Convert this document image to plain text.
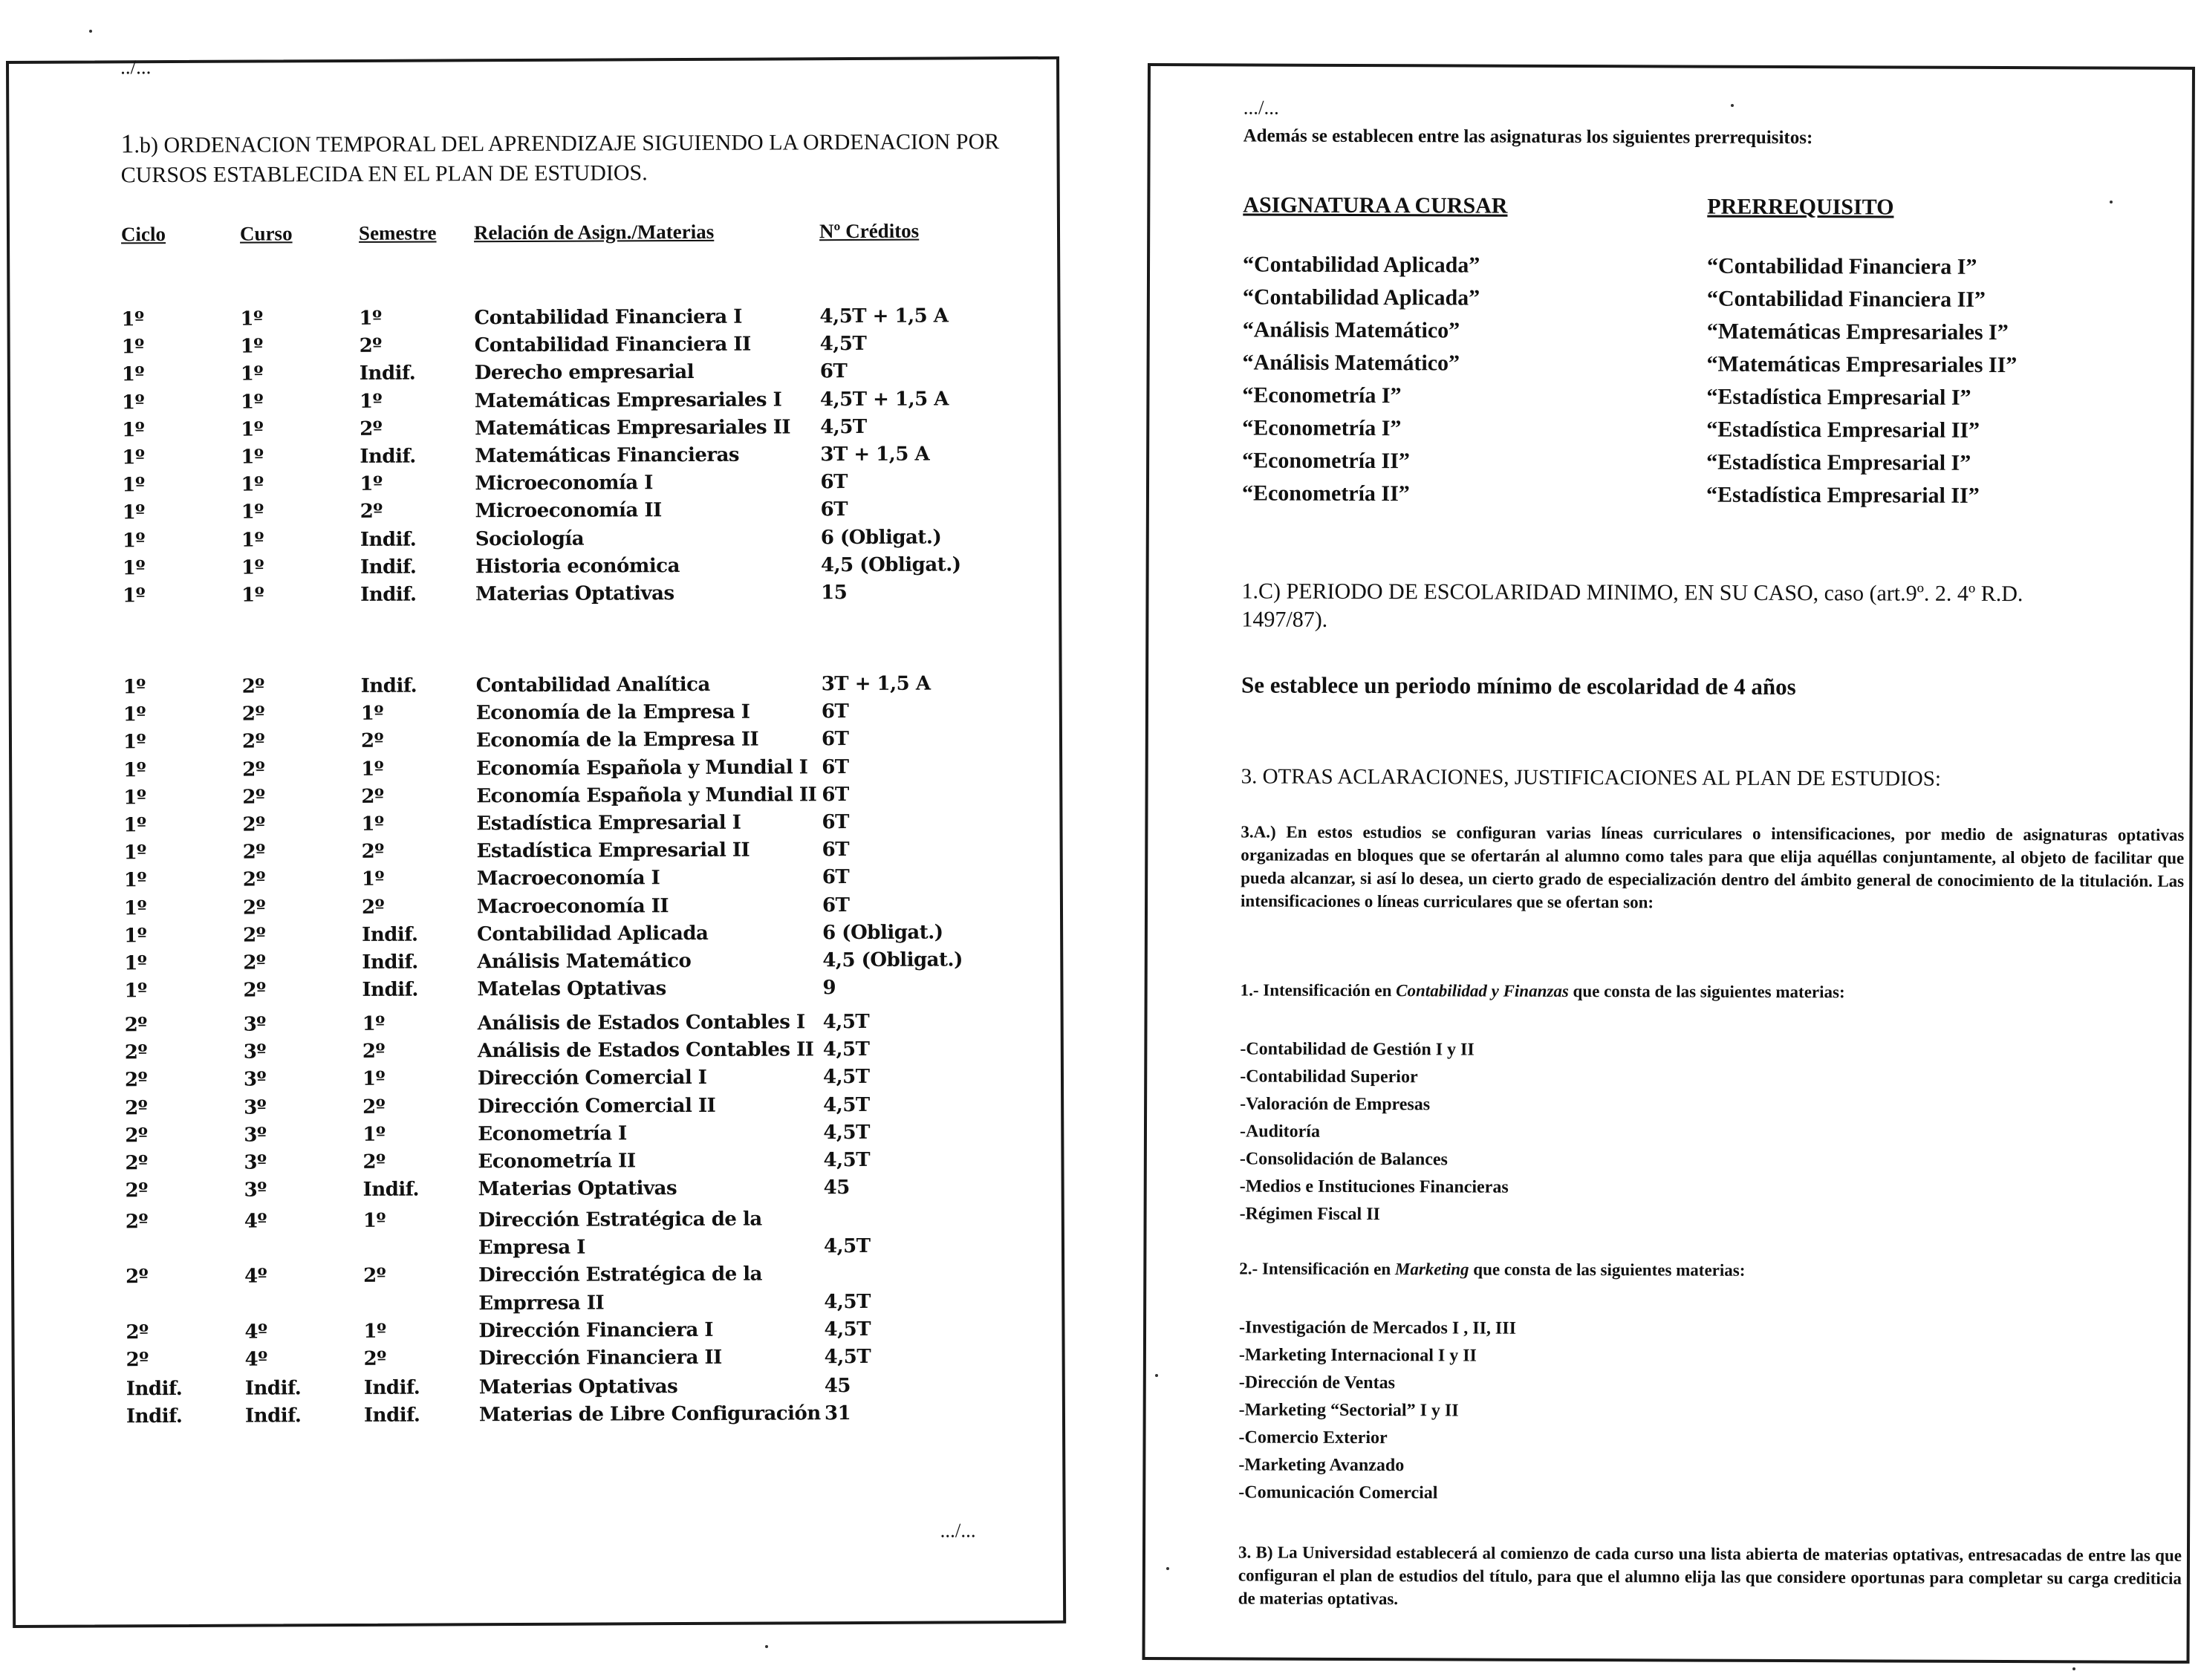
../...
1.b) ORDENACION TEMPORAL DEL APRENDIZAJE SIGUIENDO LA ORDENACION POR CURSOS ESTABLECIDA EN EL PLAN DE ESTUDIOS.
Ciclo	Curso	Semestre Relación de Asign./Materias	Nº Créditos
1º	1º	1º	Contabilidad Financiera I	4,5T + 1,5 A
1º	1º	2º	Contabilidad Financiera II	4,5T
1º	1º	Indif.	Derecho empresarial	6T
1º	1º	1º	Matemáticas Empresariales I 4,5T + 1,5 A
1º	1º	2º	Matemáticas Empresariales II 4,5T
1º	1º	Indif.	Matemáticas Financieras	3T + 1,5 A
1º	1º	1º	Microeconomía I	6T
1º	1º	2º	Microeconomía II	6T
1º	1º	Indif.	Sociología	6 (Obligat.)
1º	1º	Indif.	Historia económica	4,5 (Obligat.)
1º	1º	Indif.	Materias Optativas	15
1º	2º	Indif.	Contabilidad Analítica	3T + 1,5 A
1º	2º	1º	Economía de la Empresa I	6T
1º	2º	2º	Economía de la Empresa II	6T
1º	2º	1º	Economía Española y Mundial I 6T
1º	2º	2º	Economía Española y Mundial II 6T
1º	2º	1º	Estadística Empresarial I	6T
1º	2º	2º	Estadística Empresarial II	6T
1º	2º	1º	Macroeconomía I	6T
1º	2º	2º	Macroeconomía II	6T
1º	2º	Indif.	Contabilidad Aplicada	6 (Obligat.)
1º	2º	Indif.	Análisis Matemático	4,5 (Obligat.)
1º	2º	Indif.	Matelas Optativas	9
2º	3º	1º	Análisis de Estados Contables I 4,5T
2º	3º	2º	Análisis de Estados Contables II 4,5T
2º	3º	1º	Dirección Comercial I	4,5T
2º	3º	2º	Dirección Comercial II	4,5T
2º	3º	1º	Econometría I	4,5T
2º	3º	2º	Econometría II	4,5T
2º	3º	Indif.	Materias Optativas	45
2º	4º	1º	Dirección Estratégica de la
Empresa I	4,5T
2º	4º	2º	Dirección Estratégica de la
Emprresa II	4,5T
2º	4º	1º	Dirección Financiera I	4,5T
2º	4º	2º	Dirección Financiera II	4,5T
Indif.	Indif.	Indif.	Materias Optativas	45
Indif.	Indif.	Indif.	Materias de Libre Configuración 31
.../...
.../...
Además se establecen entre las asignaturas los siguientes prerrequisitos:
ASIGNATURA A CURSAR	PRERREQUISITO
“Contabilidad Aplicada”	“Contabilidad Financiera I”
“Contabilidad Aplicada”	“Contabilidad Financiera II”
“Análisis Matemático”	“Matemáticas Empresariales I”
“Análisis Matemático”	“Matemáticas Empresariales II”
“Econometría I”	“Estadística Empresarial I”
“Econometría I”	“Estadística Empresarial II”
“Econometría II”	“Estadística Empresarial I”
“Econometría II”	“Estadística Empresarial II”
1.C) PERIODO DE ESCOLARIDAD MINIMO, EN SU CASO, caso (art.9º. 2. 4º R.D.
1497/87).
Se establece un periodo mínimo de escolaridad de 4 años
3. OTRAS ACLARACIONES, JUSTIFICACIONES AL PLAN DE ESTUDIOS:
3.A.) En estos estudios se configuran varias líneas curriculares o intensificaciones, por medio de asignaturas optativas organizadas en bloques que se ofertarán al alumno como tales para que elija aquéllas conjuntamente, al objeto de facilitar que pueda alcanzar, si así lo desea, un cierto grado de especialización dentro del ámbito general de conocimiento de la titulación. Las intensificaciones o líneas curriculares que se ofertan son:
1.- Intensificación en Contabilidad y Finanzas que consta de las siguientes materias:
-Contabilidad de Gestión I y II
-Contabilidad Superior
-Valoración de Empresas
-Auditoría
-Consolidación de Balances
-Medios e Instituciones Financieras
-Régimen Fiscal II
2.- Intensificación en Marketing que consta de las siguientes materias:
-Investigación de Mercados I , II, III
-Marketing Internacional I y II
-Dirección de Ventas
-Marketing “Sectorial” I y II
-Comercio Exterior
-Marketing Avanzado
-Comunicación Comercial
3. B) La Universidad establecerá al comienzo de cada curso una lista abierta de materias optativas, entresacadas de entre las que configuran el plan de estudios del título, para que el alumno elija las que considere oportunas para completar su carga crediticia de materias optativas.
